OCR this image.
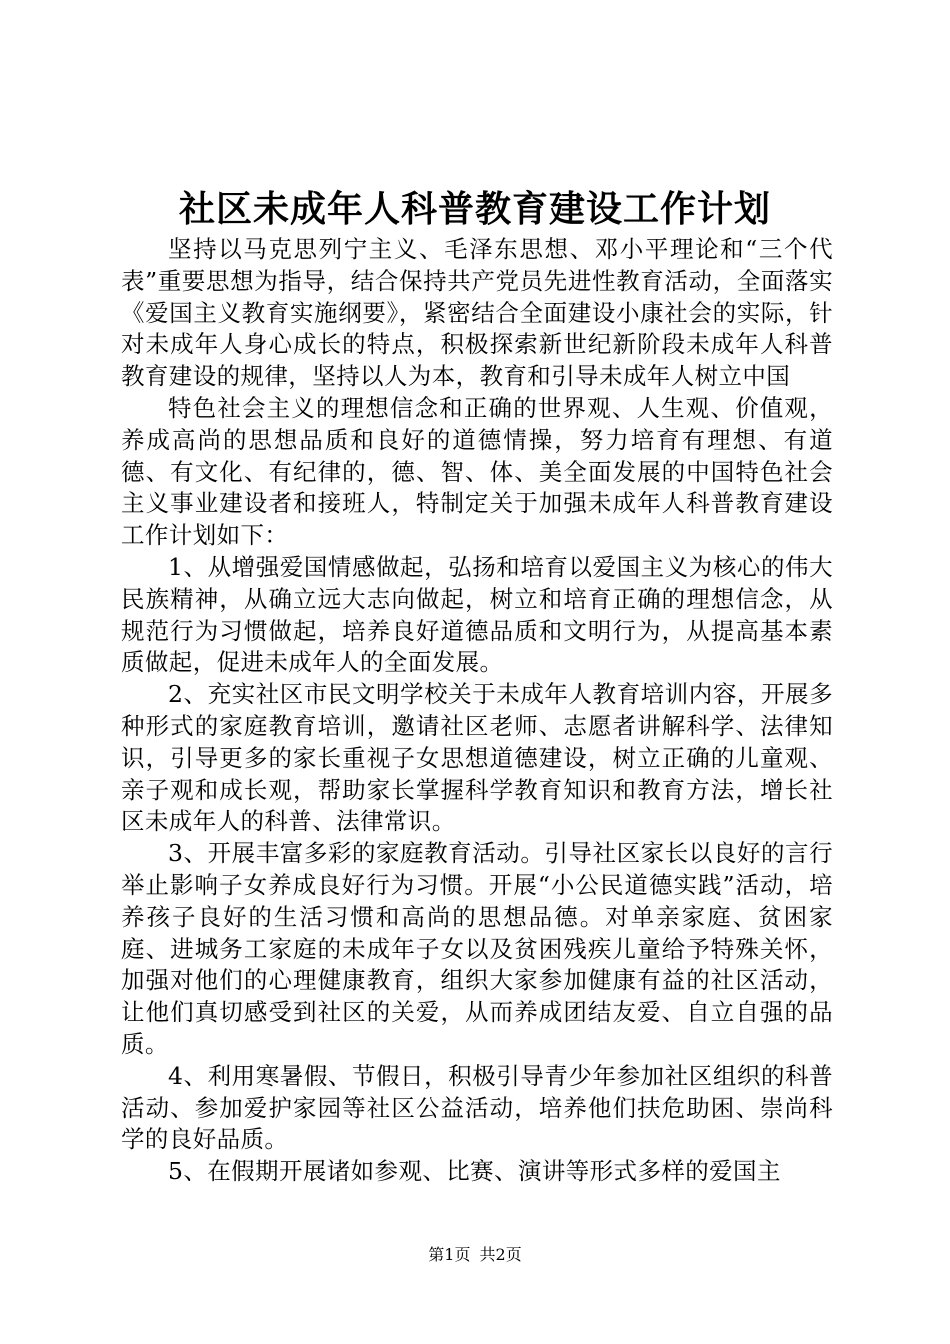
社区未成年人科普教育建设工作计划

坚持以马克思列宁主义、毛泽东思想、邓小平理论和“三个代表”重要思想为指导，结合保持共产党员先进性教育活动，全面落实《爱国主义教育实施纲要》，紧密结合全面建设小康社会的实际，针对未成年人身心成长的特点，积极探索新世纪新阶段未成年人科普教育建设的规律，坚持以人为本，教育和引导未成年人树立中国

特色社会主义的理想信念和正确的世界观、人生观、价值观，养成高尚的思想品质和良好的道德情操，努力培育有理想、有道德、有文化、有纪律的，德、智、体、美全面发展的中国特色社会主义事业建设者和接班人，特制定关于加强未成年人科普教育建设工作计划如下：

1、从增强爱国情感做起，弘扬和培育以爱国主义为核心的伟大民族精神，从确立远大志向做起，树立和培育正确的理想信念，从规范行为习惯做起，培养良好道德品质和文明行为，从提高基本素质做起，促进未成年人的全面发展。

2、充实社区市民文明学校关于未成年人教育培训内容，开展多种形式的家庭教育培训，邀请社区老师、志愿者讲解科学、法律知识，引导更多的家长重视子女思想道德建设，树立正确的儿童观、亲子观和成长观，帮助家长掌握科学教育知识和教育方法，增长社区未成年人的科普、法律常识。

3、开展丰富多彩的家庭教育活动。引导社区家长以良好的言行举止影响子女养成良好行为习惯。开展“小公民道德实践”活动，培养孩子良好的生活习惯和高尚的思想品德。对单亲家庭、贫困家庭、进城务工家庭的未成年子女以及贫困残疾儿童给予特殊关怀，加强对他们的心理健康教育，组织大家参加健康有益的社区活动，让他们真切感受到社区的关爱，从而养成团结友爱、自立自强的品质。

4、利用寒暑假、节假日，积极引导青少年参加社区组织的科普活动、参加爱护家园等社区公益活动，培养他们扶危助困、崇尚科学的良好品质。

5、在假期开展诸如参观、比赛、演讲等形式多样的爱国主

第1页 共2页
